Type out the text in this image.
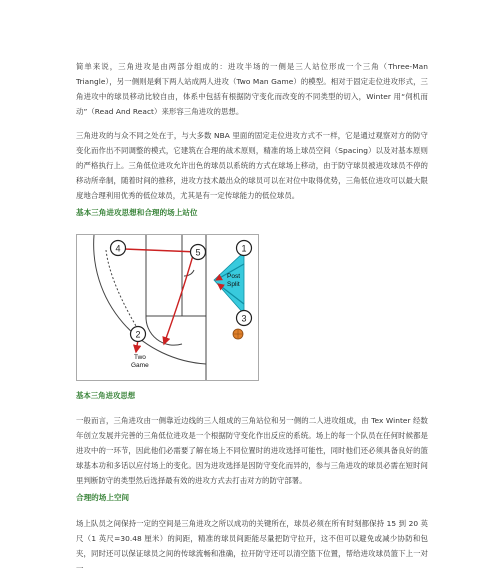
简单来说，三角进攻是由两部分组成的：进攻半场的一侧是三人站位形成一个三角（Three-Man Triangle），另一侧则是剩下两人站成两人进攻（Two Man Game）的模型。相对于固定走位进攻形式，三角进攻中的球员移动比较自由，体系中包括有根据防守变化而改变的不同类型的切入，Winter 用“伺机而动”（Read And React）来形容三角进攻的思想。

三角进攻的与众不同之处在于，与大多数 NBA 里面的固定走位进攻方式不一样，它是通过观察对方的防守变化而作出不同调整的模式，它建筑在合理的战术原则，精准的场上球员空间（Spacing）以及对基本原则的严格执行上。三角低位进攻允许出色的球员以系统的方式在球场上移动，由于防守球员被进攻球员不停的移动所牵制，随着时间的推移，进攻方技术最出众的球员可以在对位中取得优势，三角低位进攻可以最大限度地合理利用优秀的低位球员，尤其是有一定传球能力的低位球员。

基本三角进攻思想和合理的场上站位

1
2
3
4	5
Post
Split
Two
Game

基本三角进攻思想

一般而言，三角进攻由一侧靠近边线的三人组成的三角站位和另一侧的二人进攻组成，由 Tex Winter 经数年创立发展并完善的三角低位进攻是一个根据防守变化作出反应的系统。场上的每一个队员在任何时候都是进攻中的一环节，因此他们必需要了解在场上不同位置时的进攻选择可能性，同时他们还必须具备良好的篮球基本功和多话以应付场上的变化。因为进攻选择是因防守变化而异的，参与三角进攻的球员必需在短时间里判断防守的类型然后选择最有效的进攻方式去打击对方的防守部署。

合理的场上空间

场上队员之间保持一定的空间是三角进攻之所以成功的关键所在，球员必须在所有时刻都保持 15 到 20 英尺（1 英尺=30.48 厘米）的间距，精准的球员间距能尽量把防守拉开，这不但可以避免或减少协防和包夹，同时还可以保证球员之间的传球流畅和准确，拉开防守还可以清空篮下位置，帮给进攻球员篮下上一对一
